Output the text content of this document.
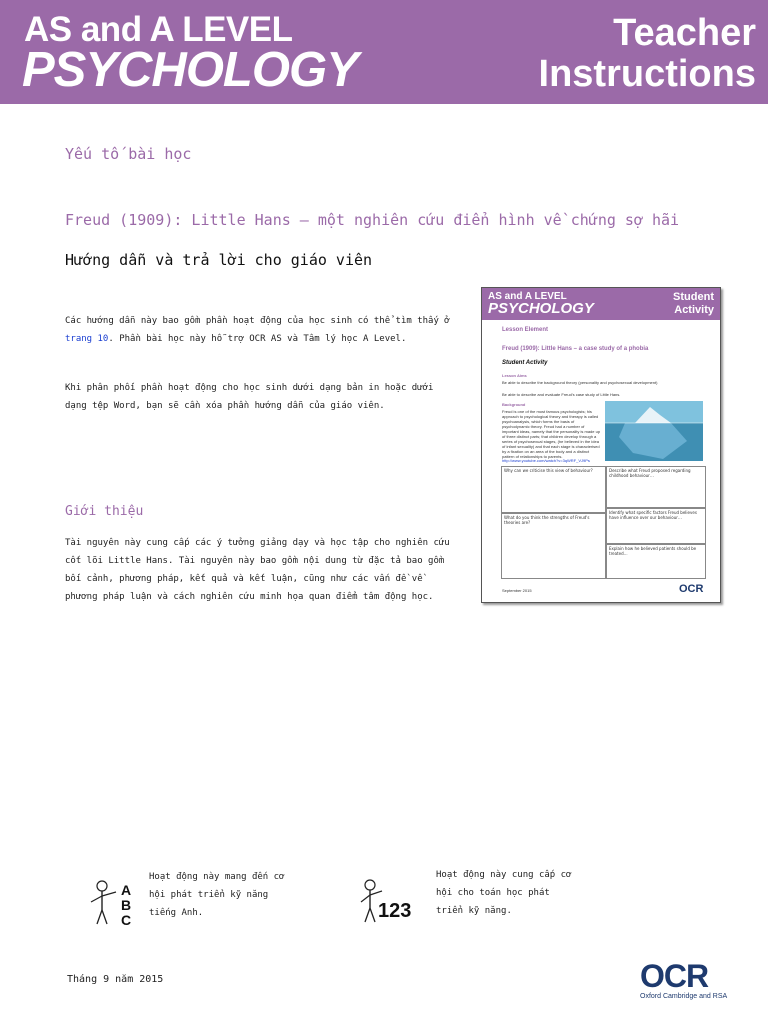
AS and A LEVEL
PSYCHOLOGY
Teacher
Instructions
Yếu tố bài học
Freud (1909): Little Hans – một nghiên cứu điển hình về chứng sợ hãi
Hướng dẫn và trả lời cho giáo viên
Các hướng dẫn này bao gồm phần hoạt động của học sinh có thể tìm thấy ở trang 10. Phần bài học này hỗ trợ OCR AS và Tâm lý học A Level.
Khi phân phối phần hoạt động cho học sinh dưới dạng bản in hoặc dưới dạng tệp Word, bạn sẽ cần xóa phần hướng dẫn của giáo viên.
Giới thiệu
Tài nguyên này cung cấp các ý tưởng giảng dạy và học tập cho nghiên cứu cốt lõi Little Hans. Tài nguyên này bao gồm nội dung từ đặc tả bao gồm bối cảnh, phương pháp, kết quả và kết luận, cũng như các vấn đề về phương pháp luận và cách nghiên cứu minh họa quan điểm tâm động học.
AS and A LEVEL
PSYCHOLOGY
Student
Activity
Lesson Element
Freud (1909): Little Hans – a case study of a phobia
Student Activity
Lesson Aims
Be able to describe the background theory (personality and psychosexual development)
Be able to describe and evaluate Freud's case study of Little Hans.
Background
Freud is one of the most famous psychologists; his approach to psychological theory and therapy is called psychoanalysis, which forms the basis of psychodynamic theory. Freud had a number of important ideas, namely that the personality is made up of three distinct parts; that children develop through a series of psychosexual stages, (he believed in the idea of infant sexuality) and that each stage is characterised by a fixation on an area of the body and a distinct pattern of relationships to parents.
http://www.youtube.com/watch?v=3qWRF_VJ9Ps
Why can we criticise this view of behaviour?	Describe what Freud proposed regarding childhood behaviour…
Identify what specific factors Freud believes have influence over our behaviour…
What do you think the strengths of Freud's theories are?
Explain how he believed patients should be treated…
September 2015	OCR
A
B
C
Hoạt động này mang đến cơ hội phát triển kỹ năng tiếng Anh.	123
Hoạt động này cung cấp cơ hội cho toán học phát triển kỹ năng.
Tháng 9 năm 2015	OCR
Oxford Cambridge and RSA
